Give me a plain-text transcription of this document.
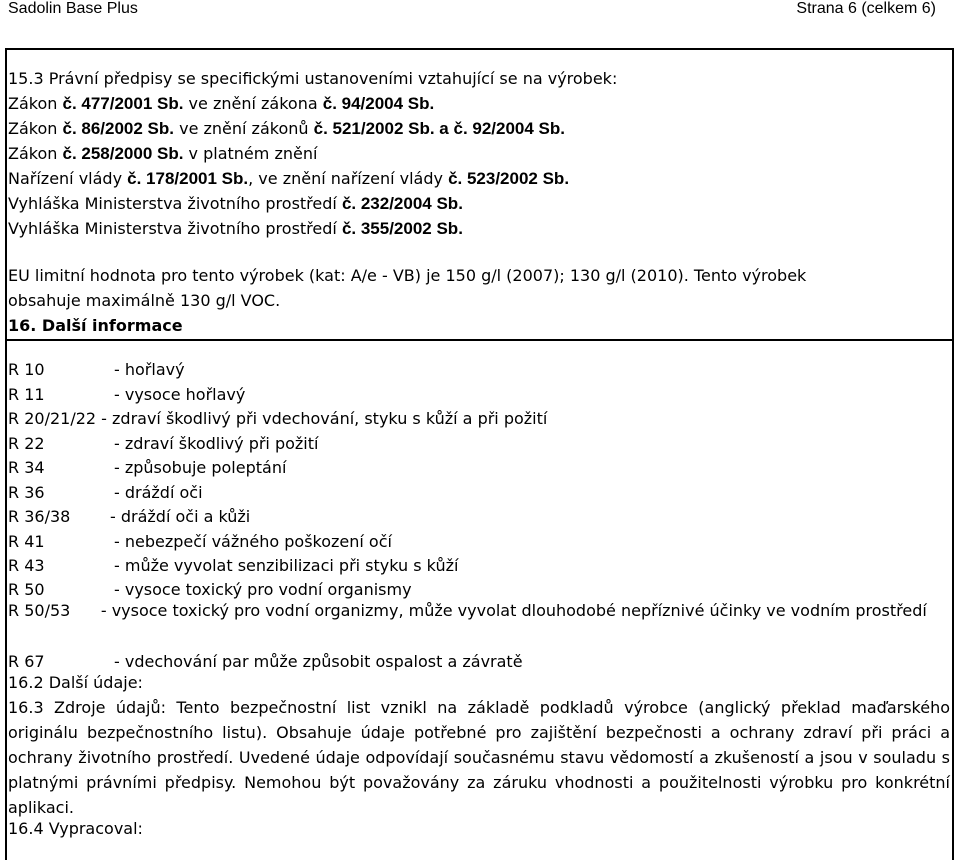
Sadolin Base Plus	Strana 6 (celkem 6)
15.3 Právní předpisy se specifickými ustanoveními vztahující se na výrobek:
Zákon č. 477/2001 Sb. ve znění zákona č. 94/2004 Sb.
Zákon č. 86/2002 Sb. ve znění zákonů č. 521/2002 Sb. a č. 92/2004 Sb.
Zákon č. 258/2000 Sb. v platném znění
Nařízení vlády č. 178/2001 Sb., ve znění nařízení vlády č. 523/2002 Sb.
Vyhláška Ministerstva životního prostředí č. 232/2004 Sb.
Vyhláška Ministerstva životního prostředí č. 355/2002 Sb.
EU limitní hodnota pro tento výrobek (kat: A/e - VB) je 150 g/l (2007); 130 g/l (2010). Tento výrobek
obsahuje maximálně 130 g/l VOC.
16. Další informace
R 10	- hořlavý
R 11	- vysoce hořlavý
R 20/21/22 - zdraví škodlivý při vdechování, styku s kůží a při požití
R 22	- zdraví škodlivý při požití
R 34	- způsobuje poleptání
R 36	- dráždí oči
R 36/38 - dráždí oči a kůži
R 41	- nebezpečí vážného poškození očí
R 43	- může vyvolat senzibilizaci při styku s kůží
R 50	- vysoce toxický pro vodní organismy
R 50/53      - vysoce toxický pro vodní organizmy, může vyvolat dlouhodobé nepříznivé účinky ve vodním prostředí
R 67	- vdechování par může způsobit ospalost a závratě
16.2 Další údaje:
16.3 Zdroje údajů: Tento bezpečnostní list vznikl na základě podkladů výrobce (anglický překlad maďarského originálu bezpečnostního listu). Obsahuje údaje potřebné pro zajištění bezpečnosti a ochrany zdraví při práci a ochrany životního prostředí. Uvedené údaje odpovídají současnému stavu vědomostí a zkušeností a jsou v souladu s platnými právními předpisy. Nemohou být považovány za záruku vhodnosti a použitelnosti výrobku pro konkrétní aplikaci.
16.4 Vypracoval:
